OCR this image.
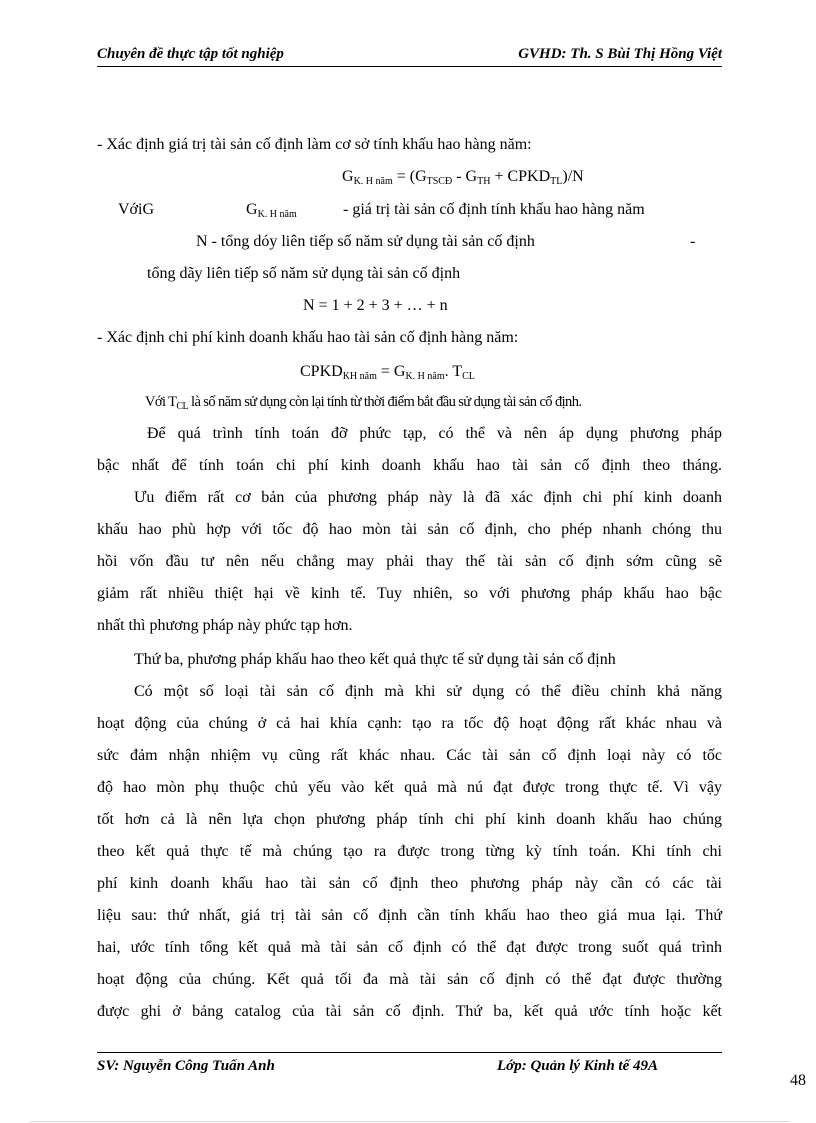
Chuyên đề thực tập tốt nghiệp	GVHD: Th. S Bùi Thị Hồng Việt
- Xác định giá trị tài sản cố định làm cơ sở tính khấu hao hàng năm:
$G_{K. H năm} = (G_{TSCĐ} - G_{TH}$ + $CPKD_{TL})/N$
VớiG	$G_{K. H năm}$	- giá trị tài sản cố định tính khấu hao hàng năm
N - tổng dóy liên tiếp số năm sử dụng tài sản cố định	-
tổng dãy liên tiếp số năm sử dụng tài sản cố định
N = 1 + 2 + 3 + … + n
- Xác định chi phí kinh doanh khấu hao tài sản cố định hàng năm:
$CPKD_{KH năm} = G_{K. H năm}$. $T_{CL}$
Với $T_{CL}$ là số năm sử dụng còn lại tính từ thời điểm bắt đầu sử dụng tài sản cố định.
Để quá trình tính toán đỡ phức tạp, có thể và nên áp dụng phương pháp
bậc nhất để tính toán chi phí kinh doanh khấu hao tài sản cố định theo tháng.
Ưu điểm rất cơ bản của phương pháp này là đã xác định chi phí kinh doanh
khấu hao phù hợp với tốc độ hao mòn tài sản cố định, cho phép nhanh chóng thu
hồi vốn đầu tư nên nếu chẳng may phải thay thế tài sản cố định sớm cũng sẽ
giảm rất nhiều thiệt hại về kinh tế. Tuy nhiên, so với phương pháp khấu hao bậc
nhất thì phương pháp này phức tạp hơn.
Thứ ba, phương pháp khấu hao theo kết quả thực tế sử dụng tài sản cố định
Có một số loại tài sản cố định mà khi sử dụng có thể điều chỉnh khả năng
hoạt động của chúng ở cả hai khía cạnh: tạo ra tốc độ hoạt động rất khác nhau và
sức đảm nhận nhiệm vụ cũng rất khác nhau. Các tài sản cố định loại này có tốc
độ hao mòn phụ thuộc chủ yếu vào kết quả mà nú đạt được trong thực tế. Vì vậy
tốt hơn cả là nên lựa chọn phương pháp tính chi phí kinh doanh khấu hao chúng
theo kết quả thực tế mà chúng tạo ra được trong từng kỳ tính toán. Khi tính chi
phí kinh doanh khấu hao tài sản cố định theo phương pháp này cần có các tài
liệu sau: thứ nhất, giá trị tài sản cố định cần tính khấu hao theo giá mua lại. Thứ
hai, ước tính tổng kết quả mà tài sản cố định có thể đạt được trong suốt quá trình
hoạt động của chúng. Kết quả tối đa mà tài sản cố định có thể đạt được thường
được ghi ở bảng catalog của tài sản cố định. Thứ ba, kết quả ước tính hoặc kết
SV: Nguyễn Công Tuấn Anh	Lớp: Quản lý Kinh tế 49A
48
